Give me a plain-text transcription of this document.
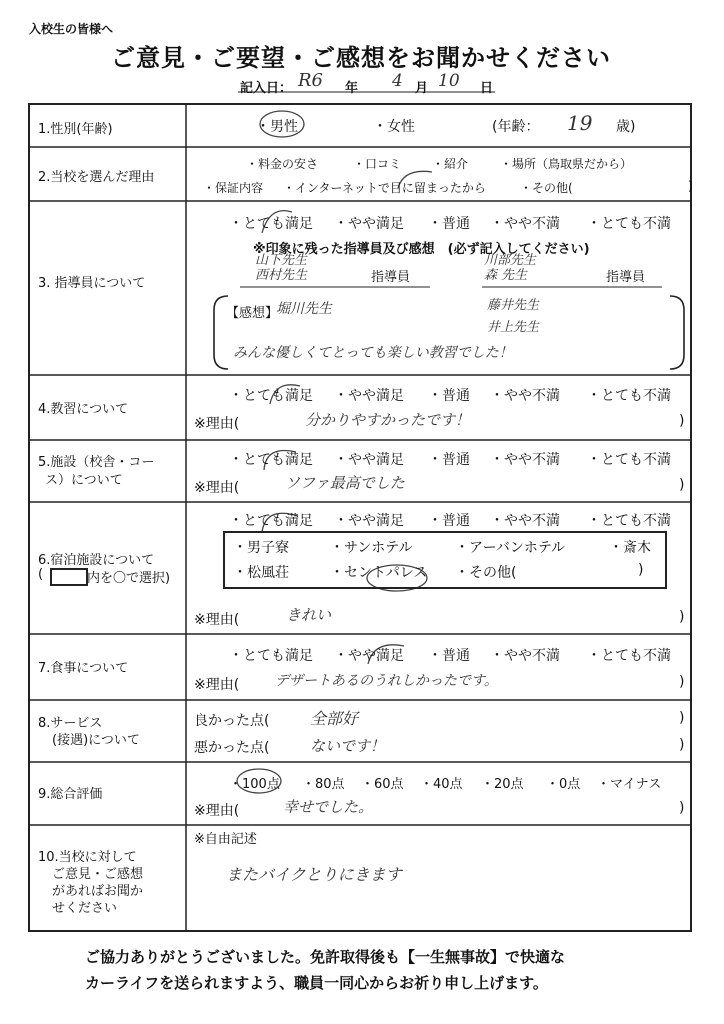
入校生の皆様へ
ご意見・ご要望・ご感想をお聞かせください
記入日： R6 年 4 月 10 日
1.性別(年齢)	・男性	・女性	(年齢： 19 歳)
2.当校を選んだ理由
・料金の安さ	・口コミ	・紹介	・場所（鳥取県だから）
・保証内容 ・インターネットで目に留まったから	・その他(	)
3. 指導員について
・とても満足 ・やや満足 ・普通 ・やや不満 ・とても不満
※印象に残った指導員及び感想　(必ず記入してください)
山下先生
西村先生	指導員
川部先生
森 先生	指導員
【感想】
堀川先生	藤井先生
井上先生
みんな優しくてとっても楽しい教習でした！
4.教習について
・とても満足 ・やや満足 ・普通 ・やや不満 ・とても不満
※理由(	分かりやすかったです！	)
5.施設（校舎・コー
ス）について
・とても満足 ・やや満足 ・普通 ・やや不満 ・とても不満
※理由(	ソファ最高でした	)
6.宿泊施設について
(	内を〇で選択)
・とても満足 ・やや満足 ・普通 ・やや不満 ・とても不満
・男子寮	・サンホテル	・アーバンホテル	・斎木
・松風荘	・セントパレス ・その他(	)
※理由(	きれい	)
7.食事について
・とても満足 ・やや満足 ・普通 ・やや不満 ・とても不満
※理由(	デザートあるのうれしかったです。	)
8.サービス
(接遇)について
良かった点(	全部好	)
悪かった点(	ないです！	)
9.総合評価
・100点 ・80点 ・60点 ・40点 ・20点 ・0点 ・マイナス
※理由(	幸せでした。	)
10.当校に対して
ご意見・ご感想
があればお聞か
せください
※自由記述
またバイクとりにきます
ご協力ありがとうございました。免許取得後も【一生無事故】で快適な
カーライフを送られますよう、職員一同心からお祈り申し上げます。
